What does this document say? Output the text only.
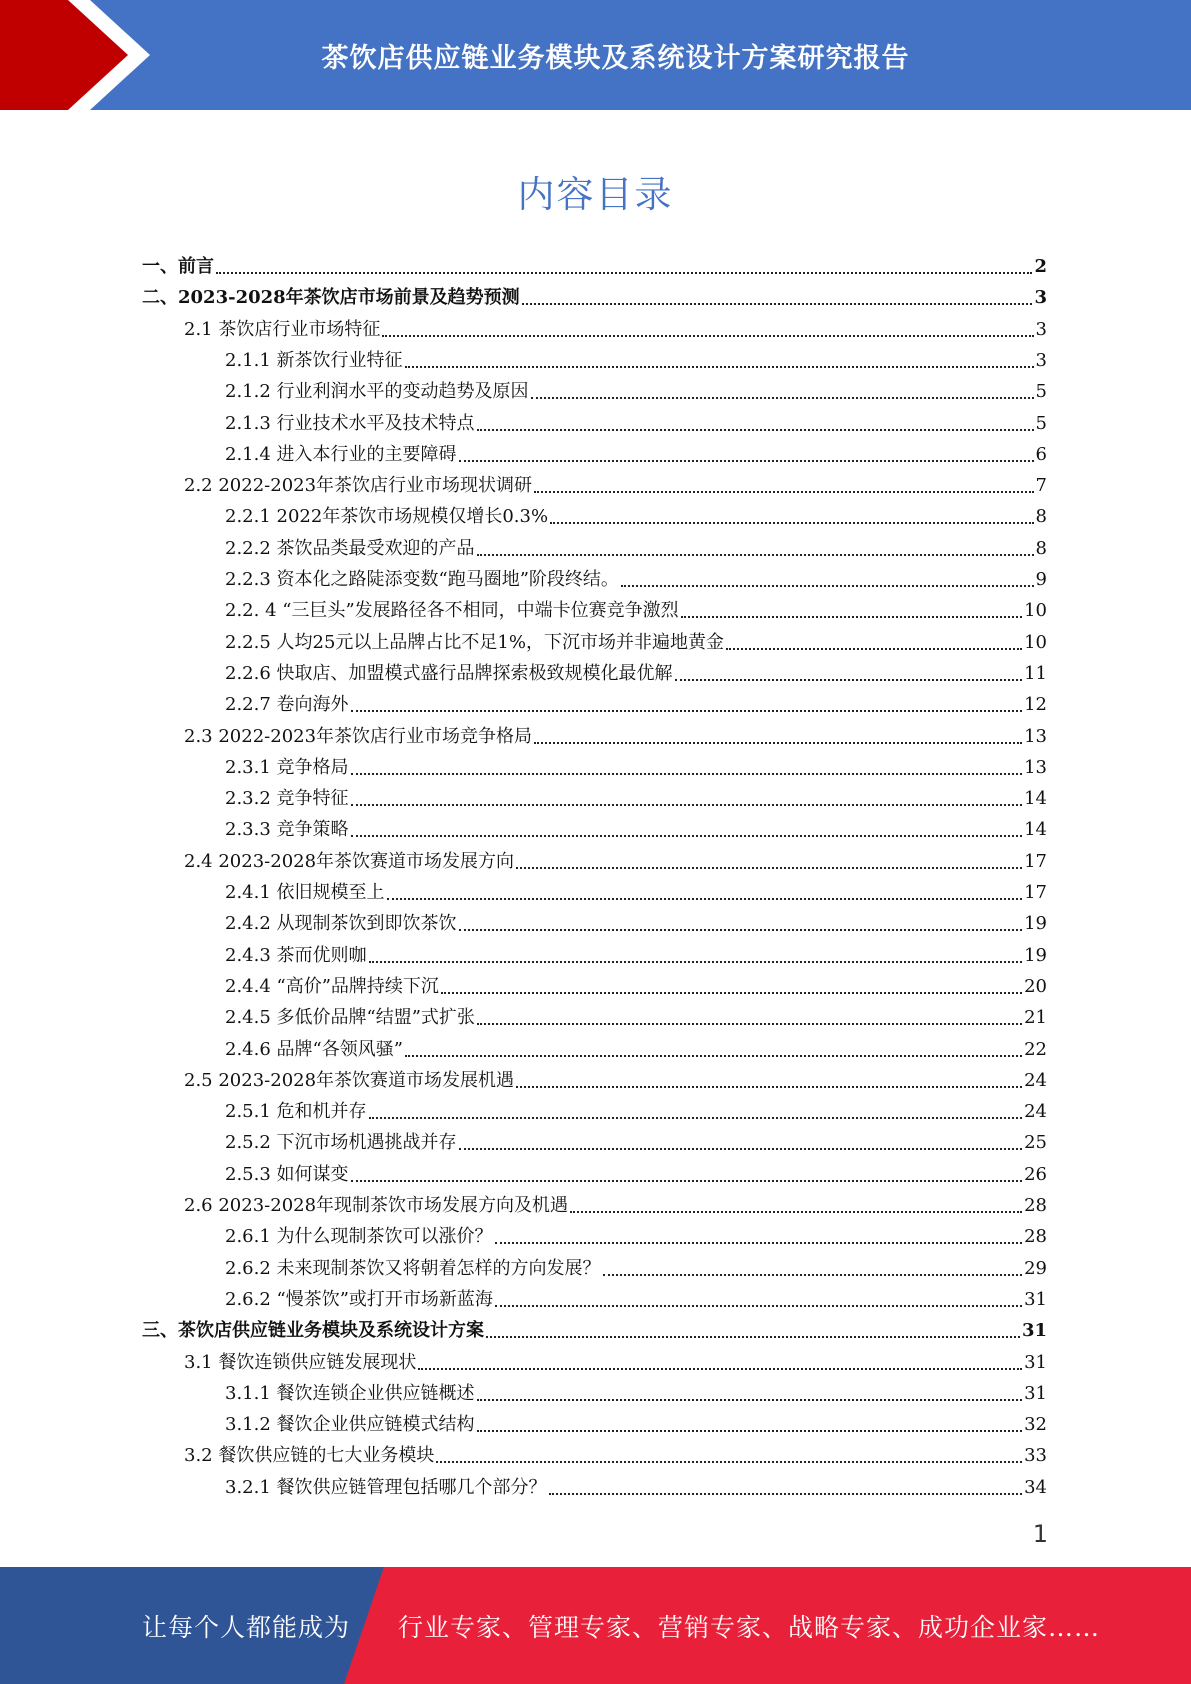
茶饮店供应链业务模块及系统设计方案研究报告
内容目录
一、前言	2
二、2023-2028年茶饮店市场前景及趋势预测	3
2.1 茶饮店行业市场特征	3
2.1.1 新茶饮行业特征	3
2.1.2 行业利润水平的变动趋势及原因	5
2.1.3 行业技术水平及技术特点	5
2.1.4 进入本行业的主要障碍	6
2.2 2022-2023年茶饮店行业市场现状调研	7
2.2.1 2022年茶饮市场规模仅增长0.3%	8
2.2.2 茶饮品类最受欢迎的产品	8
2.2.3 资本化之路陡添变数“跑马圈地”阶段终结。	9
2.2. 4 “三巨头”发展路径各不相同，中端卡位赛竞争激烈	10
2.2.5 人均25元以上品牌占比不足1%，下沉市场并非遍地黄金	10
2.2.6 快取店、加盟模式盛行品牌探索极致规模化最优解	11
2.2.7 卷向海外	12
2.3 2022-2023年茶饮店行业市场竞争格局	13
2.3.1 竞争格局	13
2.3.2 竞争特征	14
2.3.3 竞争策略	14
2.4 2023-2028年茶饮赛道市场发展方向	17
2.4.1 依旧规模至上	17
2.4.2 从现制茶饮到即饮茶饮	19
2.4.3 茶而优则咖	19
2.4.4 “高价”品牌持续下沉	20
2.4.5 多低价品牌“结盟”式扩张	21
2.4.6 品牌“各领风骚”	22
2.5 2023-2028年茶饮赛道市场发展机遇	24
2.5.1 危和机并存	24
2.5.2 下沉市场机遇挑战并存	25
2.5.3 如何谋变	26
2.6 2023-2028年现制茶饮市场发展方向及机遇	28
2.6.1 为什么现制茶饮可以涨价？	28
2.6.2 未来现制茶饮又将朝着怎样的方向发展？	29
2.6.2 “慢茶饮”或打开市场新蓝海	31
三、茶饮店供应链业务模块及系统设计方案	31
3.1 餐饮连锁供应链发展现状	31
3.1.1 餐饮连锁企业供应链概述	31
3.1.2 餐饮企业供应链模式结构	32
3.2 餐饮供应链的七大业务模块	33
3.2.1 餐饮供应链管理包括哪几个部分？	34
1
让每个人都能成为 行业专家、管理专家、营销专家、战略专家、成功企业家……
